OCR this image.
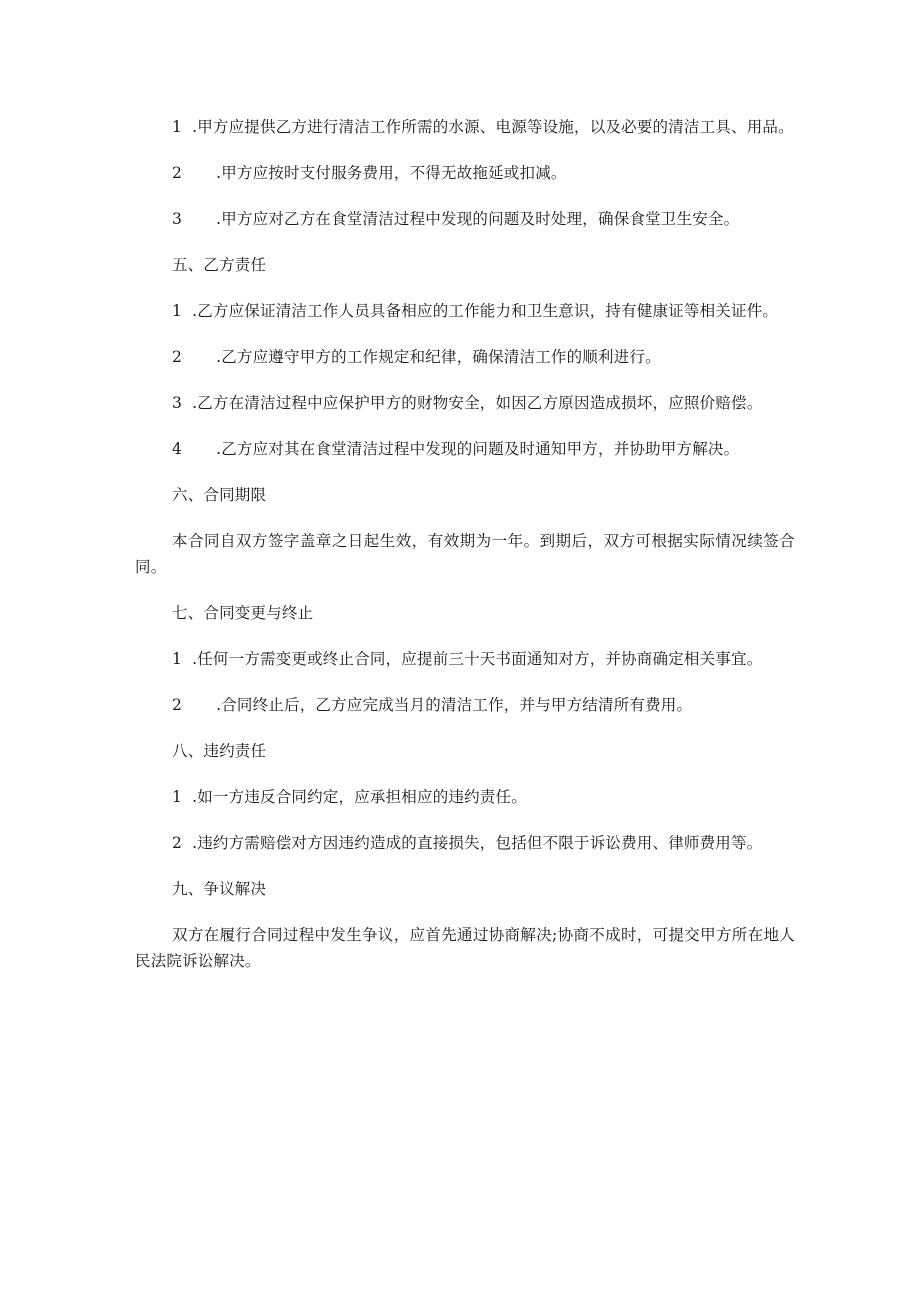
1 .甲方应提供乙方进行清洁工作所需的水源、电源等设施，以及必要的清洁工具、用品。

2 .甲方应按时支付服务费用，不得无故拖延或扣减。

3 .甲方应对乙方在食堂清洁过程中发现的问题及时处理，确保食堂卫生安全。

五、乙方责任

1 .乙方应保证清洁工作人员具备相应的工作能力和卫生意识，持有健康证等相关证件。

2 .乙方应遵守甲方的工作规定和纪律，确保清洁工作的顺利进行。

3 .乙方在清洁过程中应保护甲方的财物安全，如因乙方原因造成损坏，应照价赔偿。

4 .乙方应对其在食堂清洁过程中发现的问题及时通知甲方，并协助甲方解决。

六、合同期限

本合同自双方签字盖章之日起生效，有效期为一年。到期后，双方可根据实际情况续签合同。

七、合同变更与终止

1 .任何一方需变更或终止合同，应提前三十天书面通知对方，并协商确定相关事宜。

2 .合同终止后，乙方应完成当月的清洁工作，并与甲方结清所有费用。

八、违约责任

1 .如一方违反合同约定，应承担相应的违约责任。

2 .违约方需赔偿对方因违约造成的直接损失，包括但不限于诉讼费用、律师费用等。

九、争议解决

双方在履行合同过程中发生争议，应首先通过协商解决;协商不成时，可提交甲方所在地人民法院诉讼解决。
